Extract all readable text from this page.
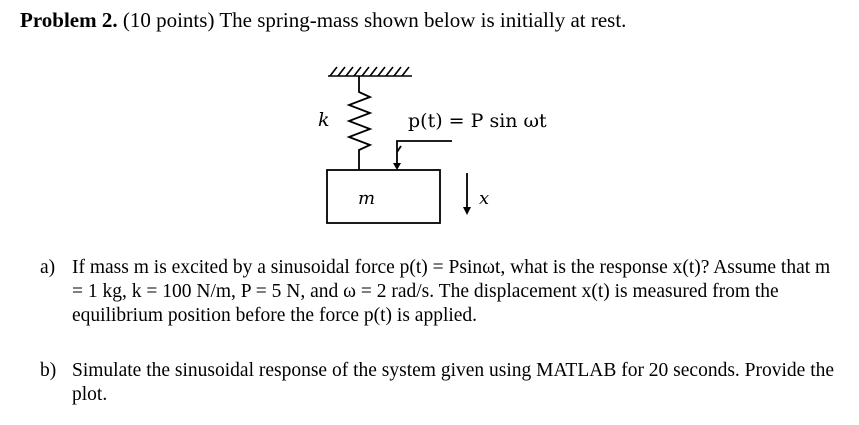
Problem 2. (10 points) The spring-mass shown below is initially at rest.
k	p(t) = P sin ωt
m	x
a) If mass m is excited by a sinusoidal force p(t) = Psinωt, what is the response x(t)? Assume that m = 1 kg, k = 100 N/m, P = 5 N, and ω = 2 rad/s. The displacement x(t) is measured from the equilibrium position before the force p(t) is applied.
b) Simulate the sinusoidal response of the system given using MATLAB for 20 seconds. Provide the plot.
